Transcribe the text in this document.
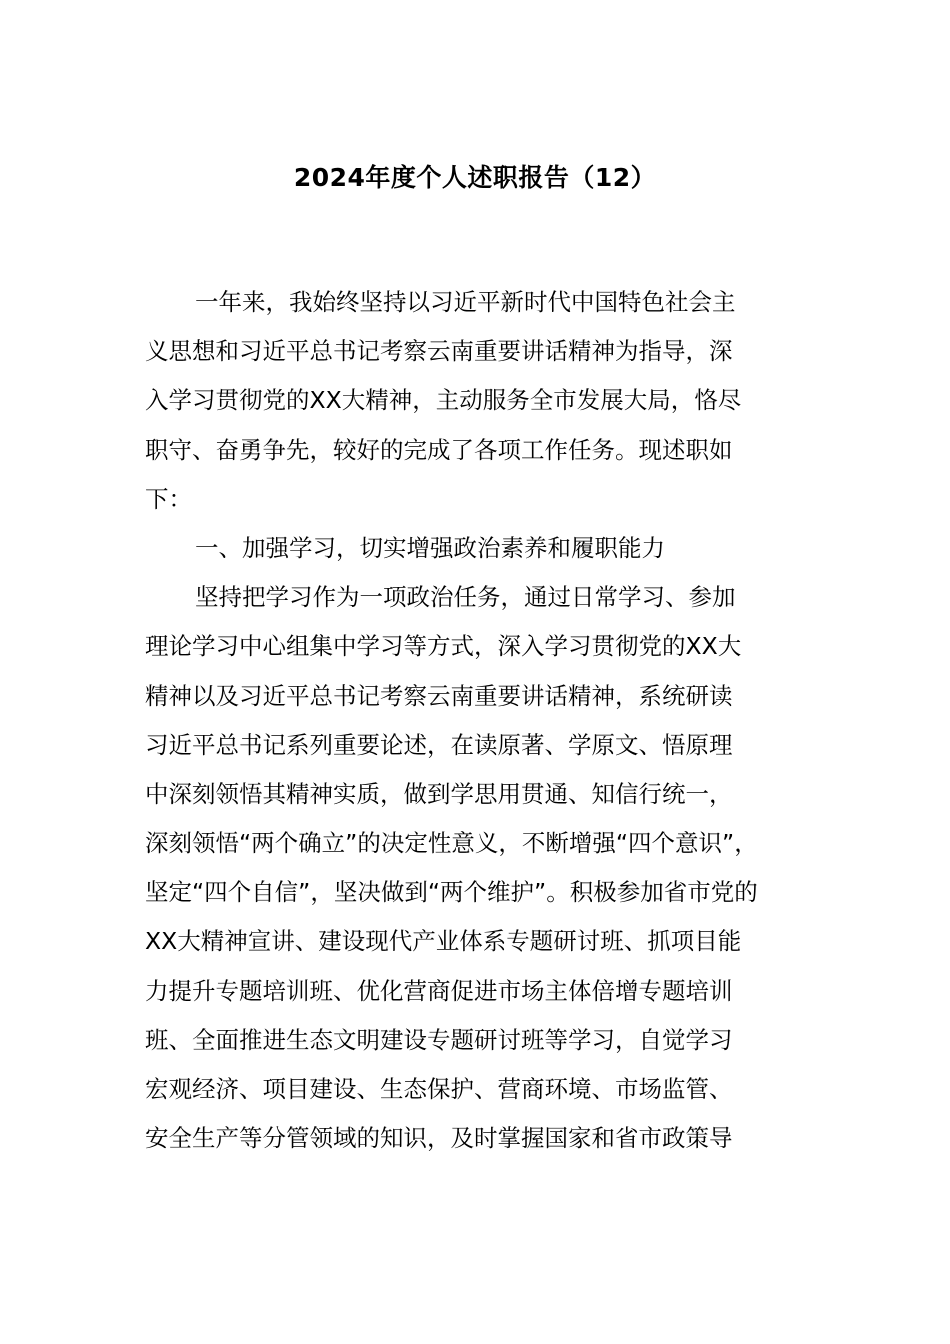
2024年度个人述职报告（12）
一年来，我始终坚持以习近平新时代中国特色社会主
义思想和习近平总书记考察云南重要讲话精神为指导，深
入学习贯彻党的XX大精神，主动服务全市发展大局，恪尽
职守、奋勇争先，较好的完成了各项工作任务。现述职如
下：
一、加强学习，切实增强政治素养和履职能力
坚持把学习作为一项政治任务，通过日常学习、参加
理论学习中心组集中学习等方式，深入学习贯彻党的XX大
精神以及习近平总书记考察云南重要讲话精神，系统研读
习近平总书记系列重要论述，在读原著、学原文、悟原理
中深刻领悟其精神实质，做到学思用贯通、知信行统一，
深刻领悟“两个确立”的决定性意义，不断增强“四个意识”，
坚定“四个自信”，坚决做到“两个维护”。积极参加省市党的
XX大精神宣讲、建设现代产业体系专题研讨班、抓项目能
力提升专题培训班、优化营商促进市场主体倍增专题培训
班、全面推进生态文明建设专题研讨班等学习，自觉学习
宏观经济、项目建设、生态保护、营商环境、市场监管、
安全生产等分管领域的知识，及时掌握国家和省市政策导
